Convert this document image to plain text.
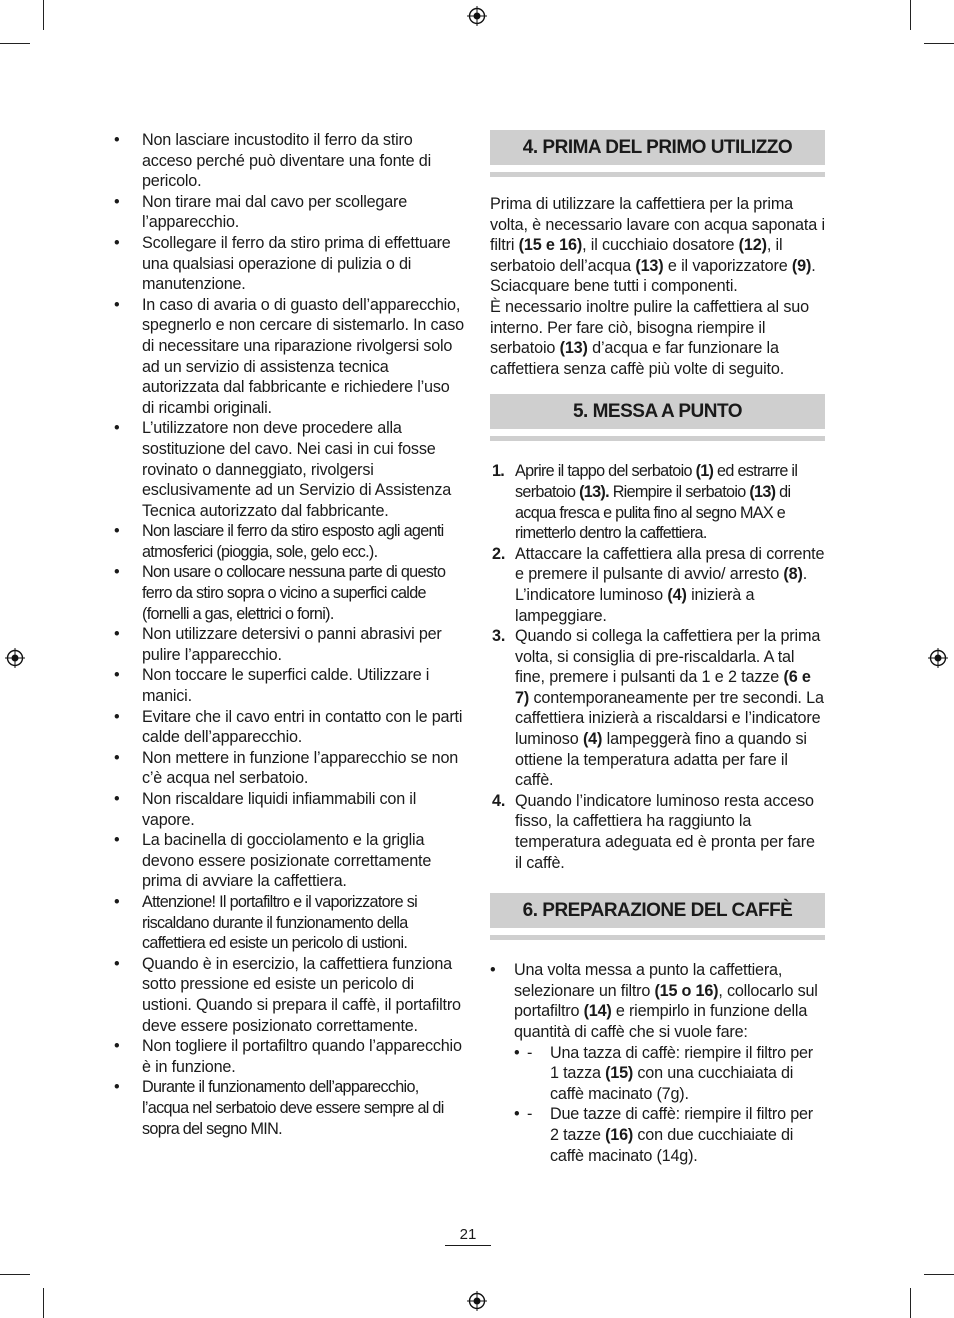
• Non lasciare incustodito il ferro da stiro acceso perché può diventare una fonte di pericolo.
• Non tirare mai dal cavo per scollegare l’apparecchio.
• Scollegare il ferro da stiro prima di effettuare una qualsiasi operazione di pulizia o di manutenzione.
• In caso di avaria o di guasto dell’apparecchio, spegnerlo e non cercare di sistemarlo. In caso di necessitare una riparazione rivolgersi solo ad un servizio di assistenza tecnica autorizzata dal fabbricante e richiedere l’uso di ricambi originali.
• L’utilizzatore non deve procedere alla sostituzione del cavo. Nei casi in cui fosse rovinato o danneggiato, rivolgersi esclusivamente ad un Servizio di Assistenza Tecnica autorizzato dal fabbricante.
• Non lasciare il ferro da stiro esposto agli agenti atmosferici (pioggia, sole, gelo ecc.).
• Non usare o collocare nessuna parte di questo ferro da stiro sopra o vicino a superfici calde (fornelli a gas, elettrici o forni).
• Non utilizzare detersivi o panni abrasivi per pulire l’apparecchio.
• Non toccare le superfici calde. Utilizzare i manici.
• Evitare che il cavo entri in contatto con le parti calde dell’apparecchio.
• Non mettere in funzione l’apparecchio se non c’è acqua nel serbatoio.
• Non riscaldare liquidi infiammabili con il vapore.
• La bacinella di gocciolamento e la griglia devono essere posizionate correttamente prima di avviare la caffettiera.
• Attenzione! Il portafiltro e il vaporizzatore si riscaldano durante il funzionamento della caffettiera ed esiste un pericolo di ustioni.
• Quando è in esercizio, la caffettiera funziona sotto pressione ed esiste un pericolo di ustioni. Quando si prepara il caffè, il portafiltro deve essere posizionato correttamente.
• Non togliere il portafiltro quando l’apparecchio è in funzione.
• Durante il funzionamento dell’apparecchio, l’acqua nel serbatoio deve essere sempre al di sopra del segno MIN.
4. PRIMA DEL PRIMO UTILIZZO

Prima di utilizzare la caffettiera per la prima volta, è necessario lavare con acqua saponata i filtri (15 e 16), il cucchiaio dosatore (12), il serbatoio dell’acqua (13) e il vaporizzatore (9). Sciacquare bene tutti i componenti.

È necessario inoltre pulire la caffettiera al suo interno. Per fare ciò, bisogna riempire il serbatoio (13) d’acqua e far funzionare la caffettiera senza caffè più volte di seguito.

5. MESSA A PUNTO
1. Aprire il tappo del serbatoio (1) ed estrarre il serbatoio (13). Riempire il serbatoio (13) di acqua fresca e pulita fino al segno MAX e rimetterlo dentro la caffettiera.
2. Attaccare la caffettiera alla presa di corrente e premere il pulsante di avvio/ arresto (8). L’indicatore luminoso (4) inizierà a lampeggiare.
3. Quando si collega la caffettiera per la prima volta, si consiglia di pre-riscaldarla. A tal fine, premere i pulsanti da 1 e 2 tazze (6 e 7) contemporaneamente per tre secondi. La caffettiera inizierà a riscaldarsi e l’indicatore luminoso (4) lampeggerà fino a quando si ottiene la temperatura adatta per fare il caffè.
4. Quando l’indicatore luminoso resta acceso fisso, la caffettiera ha raggiunto la temperatura adeguata ed è pronta per fare il caffè.
6. PREPARAZIONE DEL CAFFÈ
• Una volta messa a punto la caffettiera, selezionare un filtro (15 o 16), collocarlo sul portafiltro (14) e riempirlo in funzione della quantità di caffè che si vuole fare:
• - Una tazza di caffè: riempire il filtro per 1 tazza (15) con una cucchiaiata di caffè macinato (7g).
• - Due tazze di caffè: riempire il filtro per 2 tazze (16) con due cucchiaiate di caffè macinato (14g).
21
